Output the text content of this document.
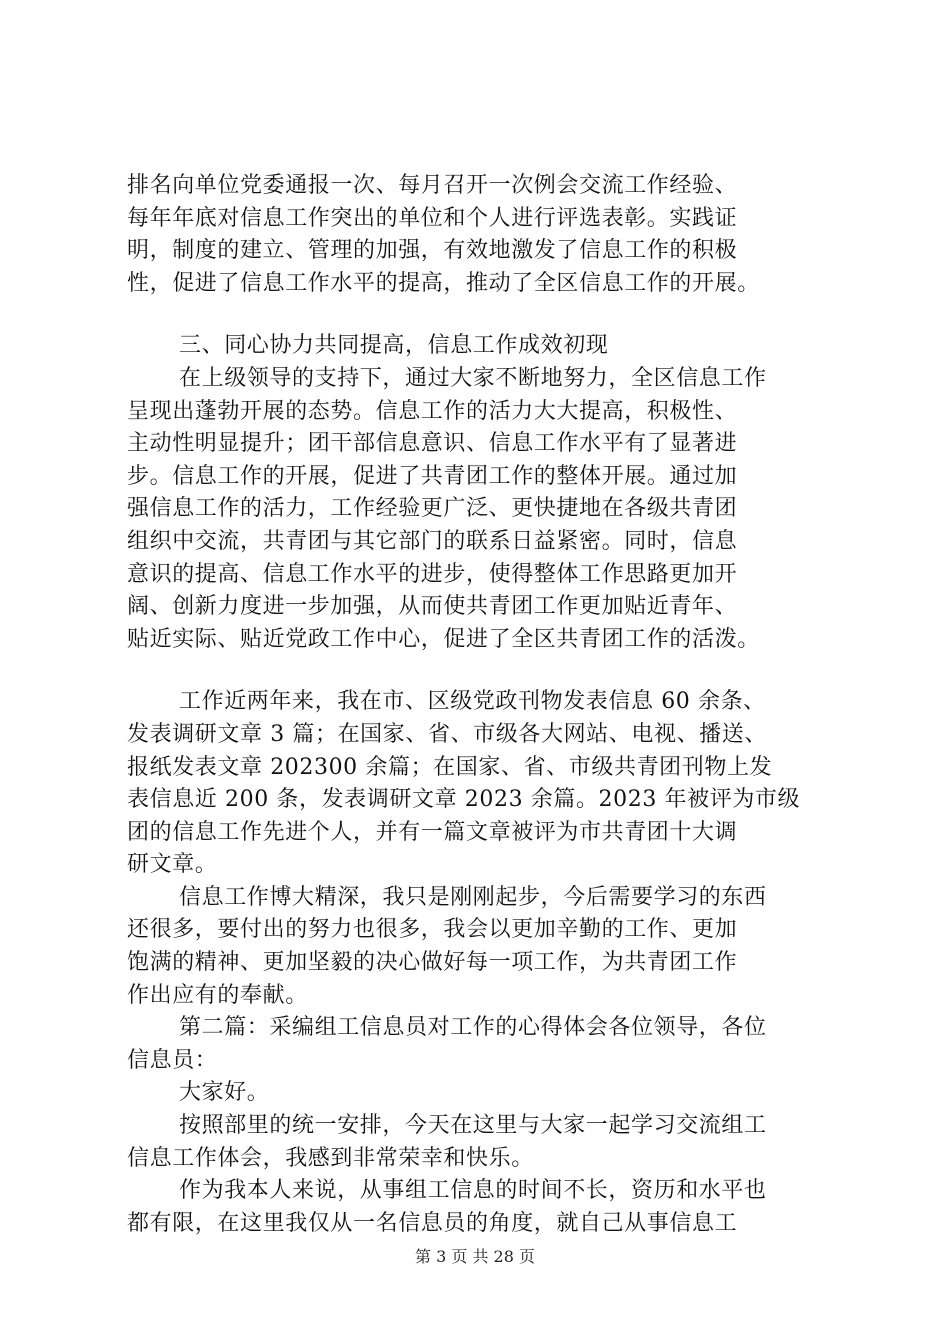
排名向单位党委通报一次、每月召开一次例会交流工作经验、
每年年底对信息工作突出的单位和个人进行评选表彰。实践证
明，制度的建立、管理的加强，有效地激发了信息工作的积极
性，促进了信息工作水平的提高，推动了全区信息工作的开展。
三、同心协力共同提高，信息工作成效初现
在上级领导的支持下，通过大家不断地努力，全区信息工作
呈现出蓬勃开展的态势。信息工作的活力大大提高，积极性、
主动性明显提升；团干部信息意识、信息工作水平有了显著进
步。信息工作的开展，促进了共青团工作的整体开展。通过加
强信息工作的活力，工作经验更广泛、更快捷地在各级共青团
组织中交流，共青团与其它部门的联系日益紧密。同时，信息
意识的提高、信息工作水平的进步，使得整体工作思路更加开
阔、创新力度进一步加强，从而使共青团工作更加贴近青年、
贴近实际、贴近党政工作中心，促进了全区共青团工作的活泼。
工作近两年来，我在市、区级党政刊物发表信息 60 余条、
发表调研文章 3 篇；在国家、省、市级各大网站、电视、播送、
报纸发表文章 202300 余篇；在国家、省、市级共青团刊物上发
表信息近 200 条，发表调研文章 2023 余篇。2023 年被评为市级
团的信息工作先进个人，并有一篇文章被评为市共青团十大调
研文章。
信息工作博大精深，我只是刚刚起步，今后需要学习的东西
还很多，要付出的努力也很多，我会以更加辛勤的工作、更加
饱满的精神、更加坚毅的决心做好每一项工作，为共青团工作
作出应有的奉献。
第二篇：采编组工信息员对工作的心得体会各位领导，各位
信息员：
大家好。
按照部里的统一安排，今天在这里与大家一起学习交流组工
信息工作体会，我感到非常荣幸和快乐。
作为我本人来说，从事组工信息的时间不长，资历和水平也
都有限，在这里我仅从一名信息员的角度，就自己从事信息工
第 3 页 共 28 页
